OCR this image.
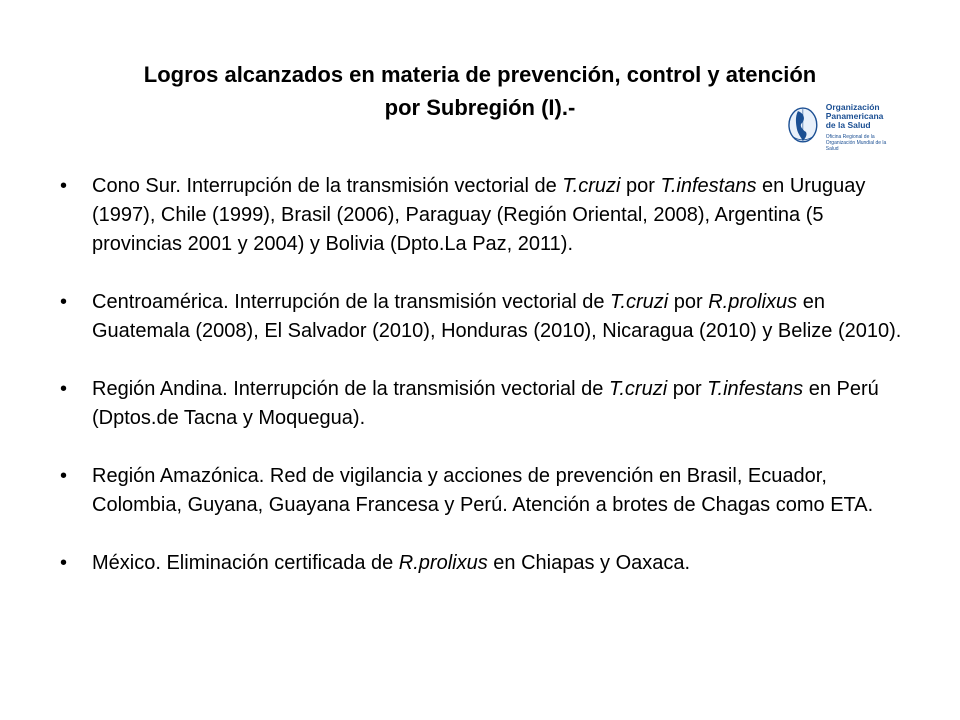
Logros alcanzados en materia de prevención, control y atención
por Subregión (I).-	Organización
Panamericana
de la Salud
Oficina Regional de la
Organización Mundial de la Salud
• Cono Sur. Interrupción de la transmisión vectorial de T.cruzi por T.infestans en Uruguay (1997), Chile (1999), Brasil (2006), Paraguay (Región Oriental, 2008), Argentina (5 provincias 2001 y 2004) y Bolivia (Dpto.La Paz, 2011).
• Centroamérica. Interrupción de la transmisión vectorial de T.cruzi por R.prolixus en Guatemala (2008), El Salvador (2010), Honduras (2010), Nicaragua (2010) y Belize (2010).
• Región Andina. Interrupción de la transmisión vectorial de T.cruzi por T.infestans en Perú (Dptos.de Tacna y Moquegua).
• Región Amazónica. Red de vigilancia y acciones de prevención en Brasil, Ecuador, Colombia, Guyana, Guayana Francesa y Perú. Atención a brotes de Chagas como ETA.
• México. Eliminación certificada de R.prolixus en Chiapas y Oaxaca.
